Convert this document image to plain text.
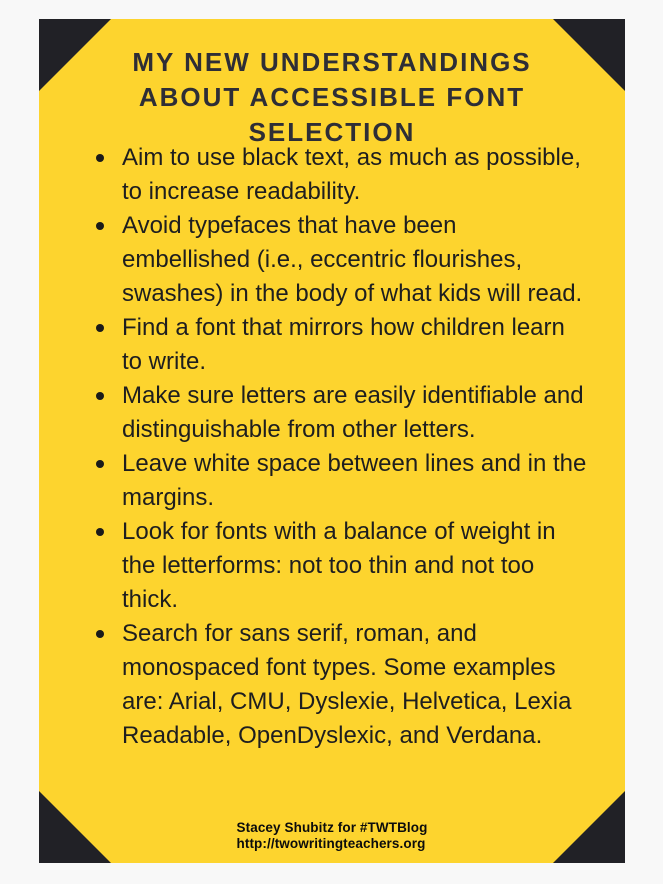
MY NEW UNDERSTANDINGS
ABOUT ACCESSIBLE FONT
SELECTION
Aim to use black text, as much as possible, to increase readability.
Avoid typefaces that have been embellished (i.e., eccentric flourishes, swashes) in the body of what kids will read.
Find a font that mirrors how children learn to write.
Make sure letters are easily identifiable and distinguishable from other letters.
Leave white space between lines and in the margins.
Look for fonts with a balance of weight in the letterforms: not too thin and not too thick.
Search for sans serif, roman, and monospaced font types. Some examples are: Arial, CMU, Dyslexie, Helvetica, Lexia Readable, OpenDyslexic, and Verdana.
Stacey Shubitz for #TWTBlog
http://twowritingteachers.org
